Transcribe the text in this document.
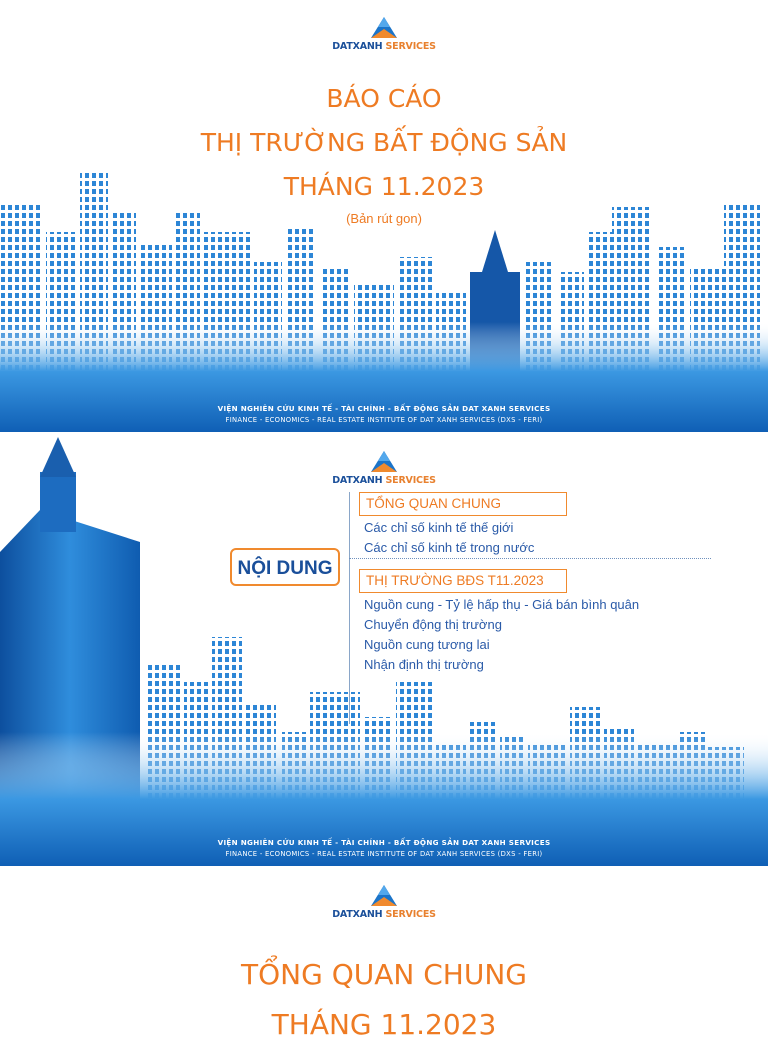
DATXANH SERVICES
BÁO CÁO
THỊ TRƯỜNG BẤT ĐỘNG SẢN
THÁNG 11.2023
(Bản rút gon)
VIỆN NGHIÊN CỨU KINH TẾ - TÀI CHÍNH - BẤT ĐỘNG SẢN DAT XANH SERVICES
FINANCE - ECONOMICS - REAL ESTATE INSTITUTE OF DAT XANH SERVICES (DXS - FERI)
DATXANH SERVICES
NỘI DUNG
TỔNG QUAN CHUNG
Các chỉ số kinh tế thế giới
Các chỉ số kinh tế trong nước
THỊ TRƯỜNG BĐS T11.2023
Nguồn cung - Tỷ lệ hấp thụ - Giá bán bình quân
Chuyển động thị trường
Nguồn cung tương lai
Nhận định thị trường
VIỆN NGHIÊN CỨU KINH TẾ - TÀI CHÍNH - BẤT ĐỘNG SẢN DAT XANH SERVICES
FINANCE - ECONOMICS - REAL ESTATE INSTITUTE OF DAT XANH SERVICES (DXS - FERI)
DATXANH SERVICES
TỔNG QUAN CHUNG
THÁNG 11.2023
